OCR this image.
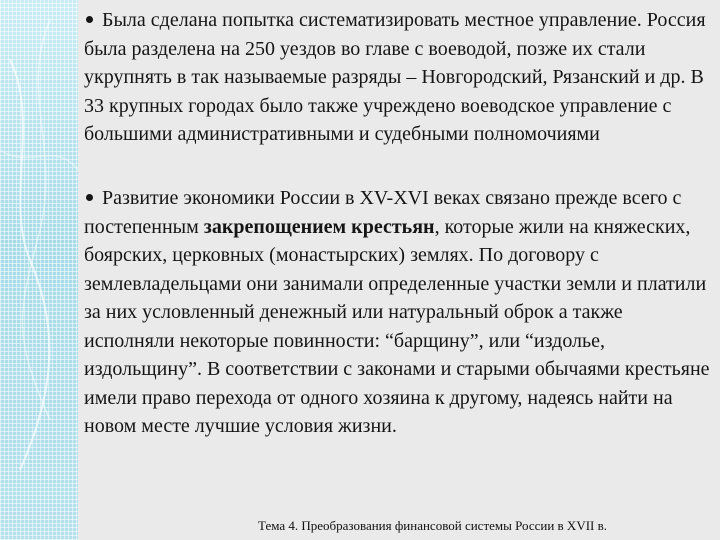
Была сделана попытка систематизировать местное управление. Россия была разделена на 250 уездов во главе с воеводой, позже их стали укрупнять в так называемые разряды – Новгородский, Рязанский и др. В 33 крупных городах было также учреждено воеводское управление с большими административными и судебными полномочиями
Развитие экономики России в XV-XVI веках связано прежде всего с постепенным закрепощением крестьян, которые жили на княжеских, боярских, церковных (монастырских) землях. По договору с землевладельцами они занимали определенные участки земли и платили за них условленный денежный или натуральный оброк а также исполняли некоторые повинности: “барщину”, или “издолье, издольщину”. В соответствии с законами и старыми обычаями крестьяне имели право перехода от одного хозяина к другому, надеясь найти на новом месте лучшие условия жизни.
Тема 4. Преобразования финансовой системы России в XVII в.
